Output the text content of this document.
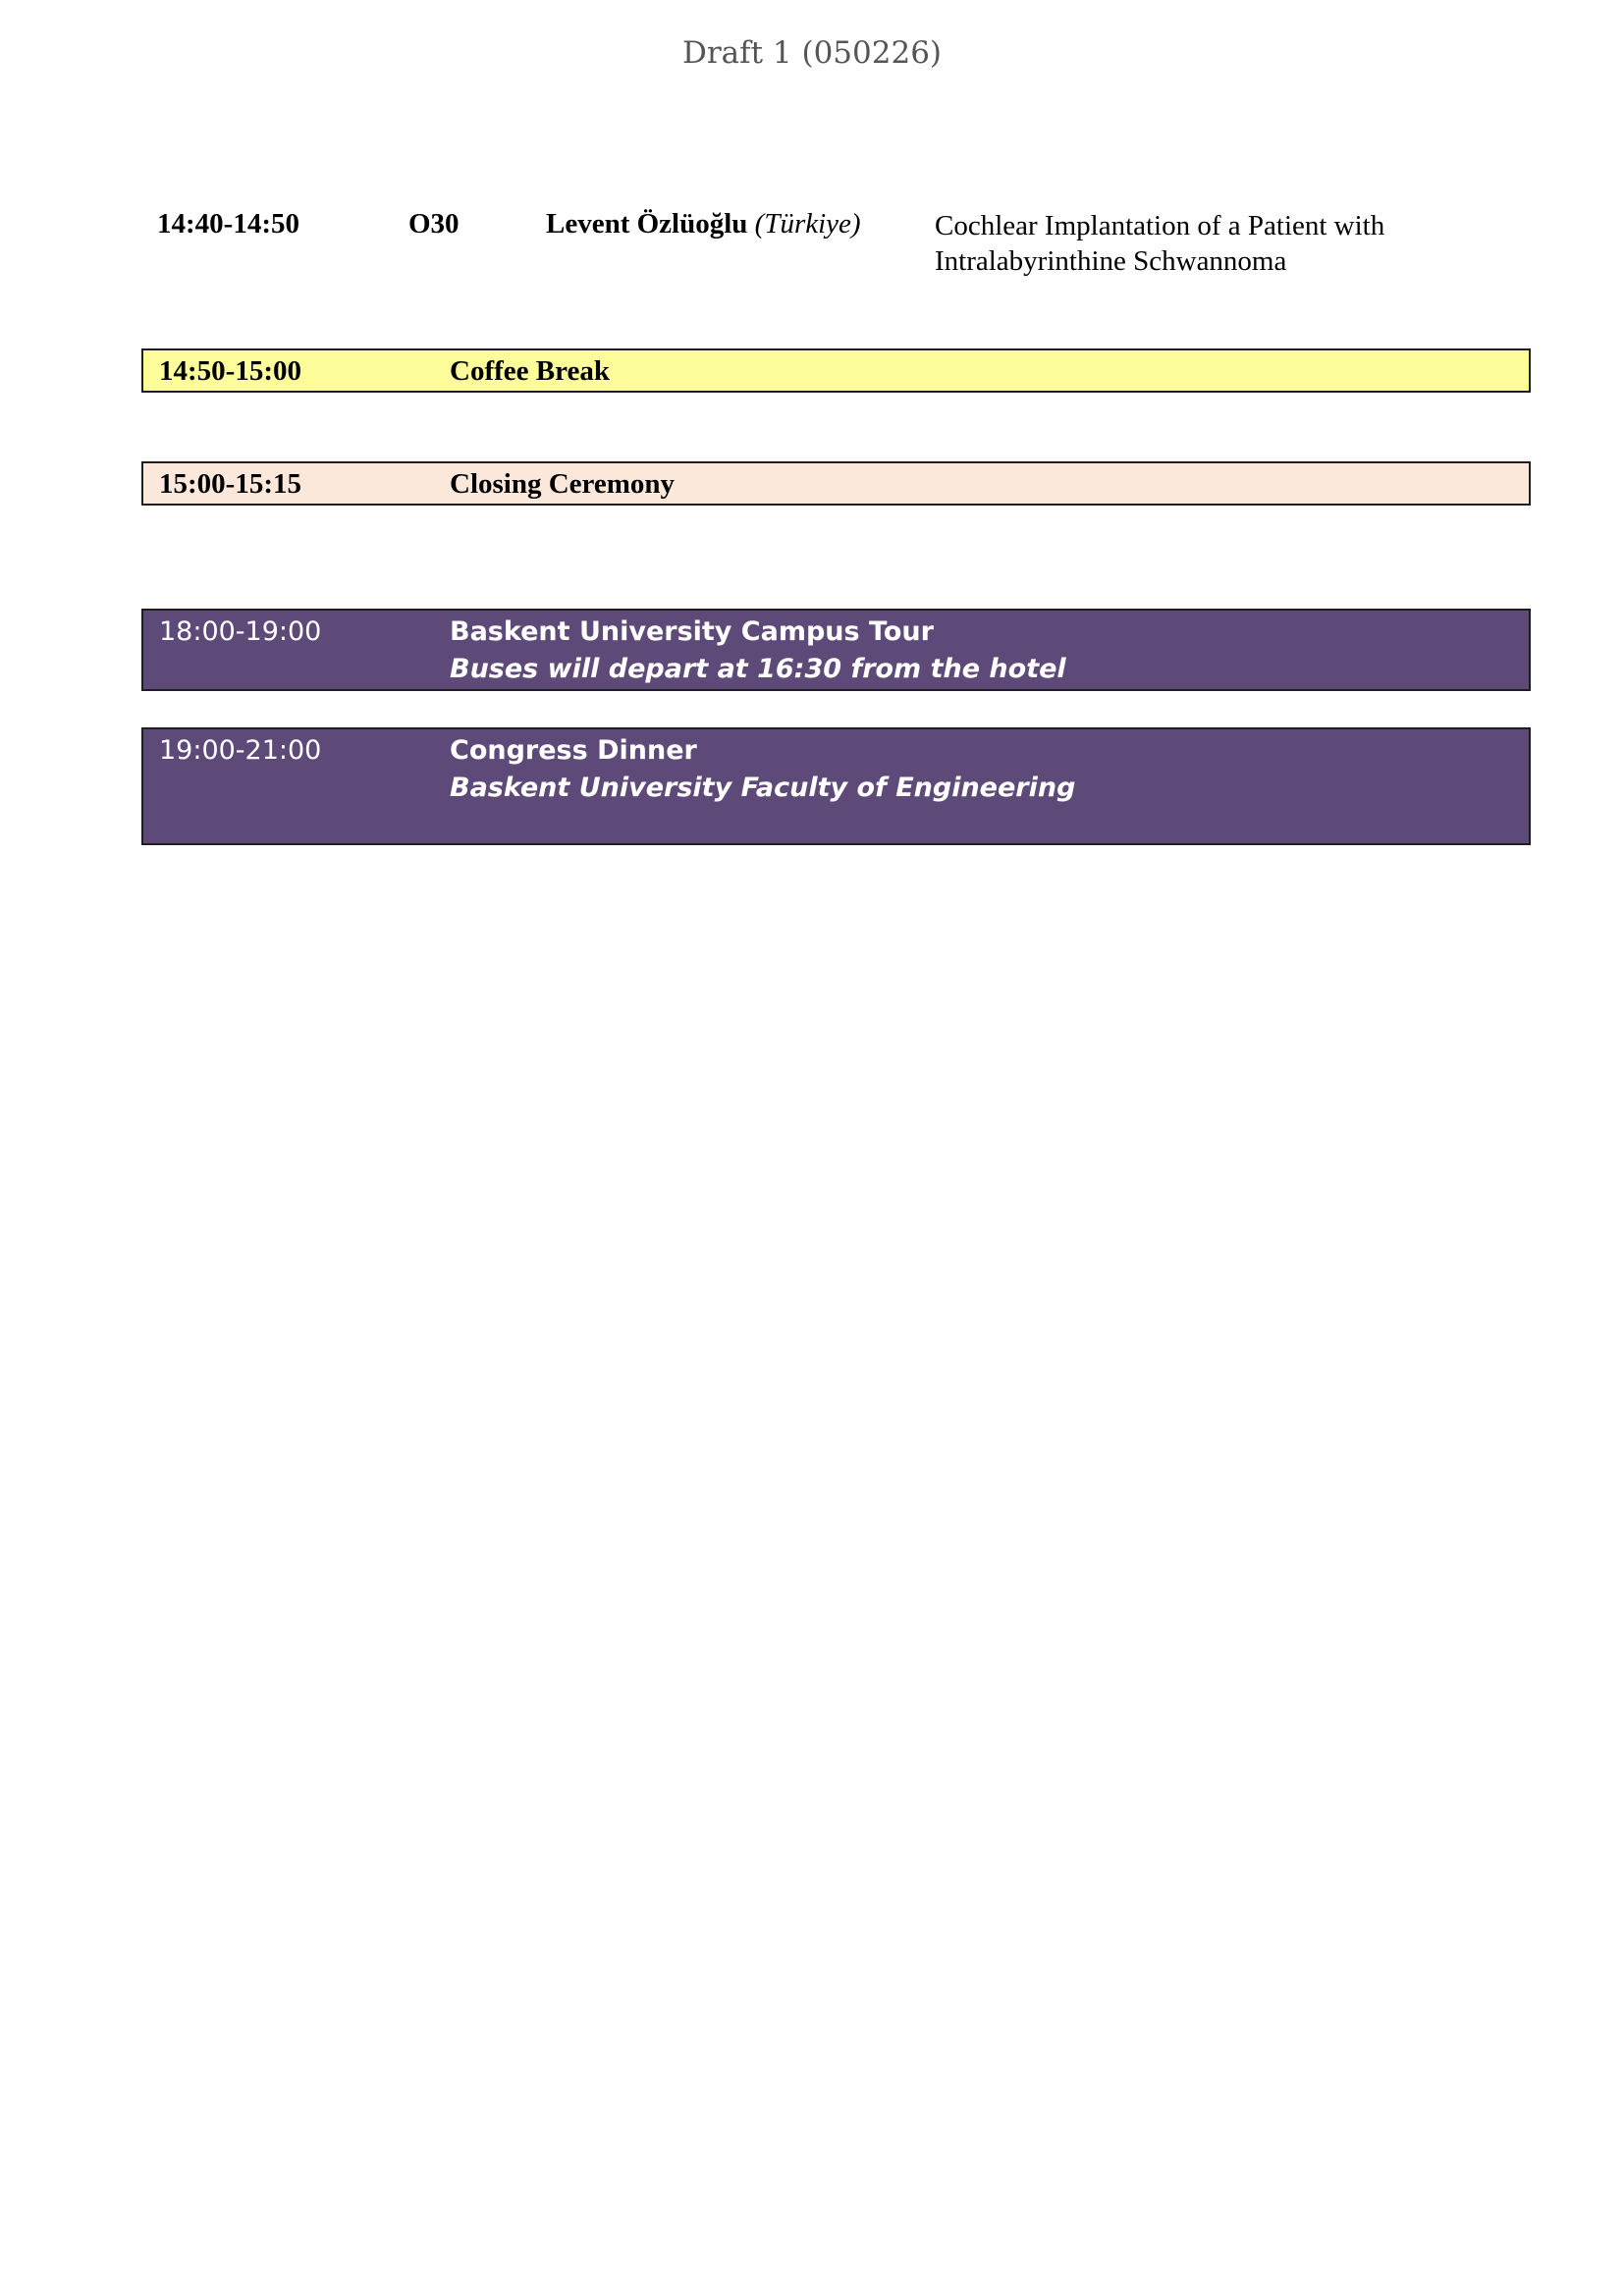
Draft 1 (050226)
14:40-14:50	O30	Levent Özlüoğlu (Türkiye)	Cochlear Implantation of a Patient with
Intralabyrinthine Schwannoma
14:50-15:00	Coffee Break
15:00-15:15	Closing Ceremony
18:00-19:00	Baskent University Campus Tour
Buses will depart at 16:30 from the hotel
19:00-21:00	Congress Dinner
Baskent University Faculty of Engineering
